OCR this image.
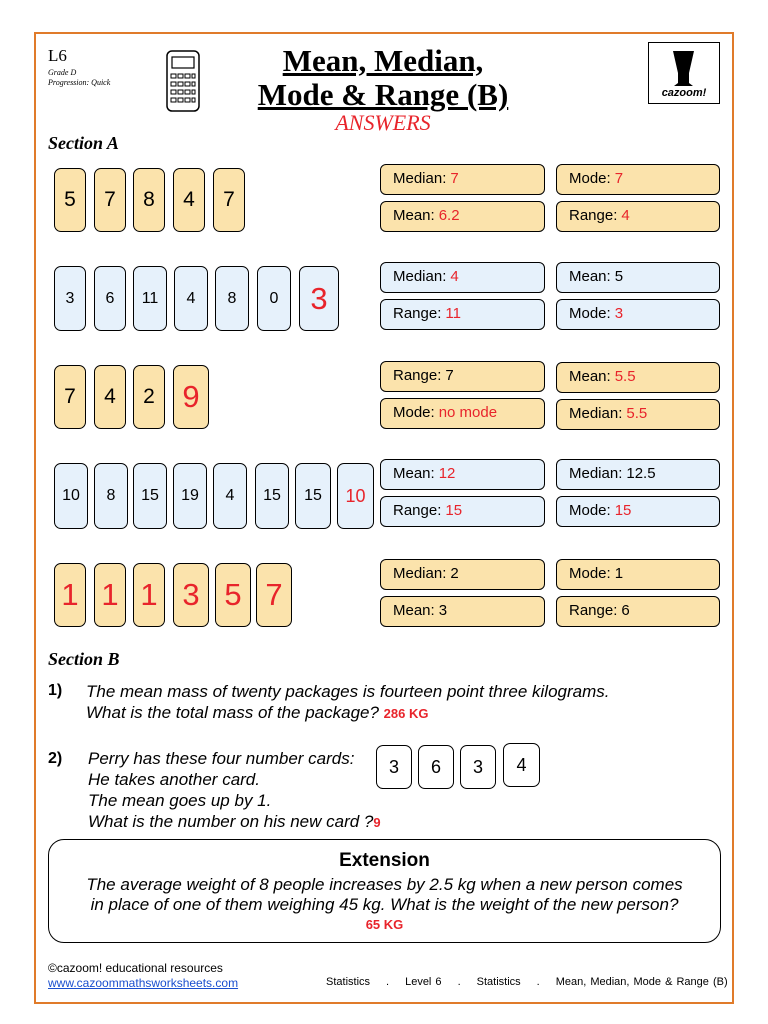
L6
Grade D
Progression: Quick
Mean, Median,
Mode & Range (B)
ANSWERS
cazoom!
Section A
5	7	8	4	7
Median: 7
Mean: 6.2
Mode: 7
Range: 4
3	6	11	4	8	0	3
Median: 4
Range: 11
Mean: 5
Mode: 3
7	4	2 9
Range: 7
Mode: no mode
Mean: 5.5
Median: 5.5
10	8	15	19	4	15	15	10
Mean: 12
Range: 15
Median: 12.5
Mode: 15
1 1 1 3 5 7
Median: 2
Mean: 3
Mode: 1
Range: 6
Section B
1) The mean mass of twenty packages is fourteen point three kilograms.
What is the total mass of the package? 286 KG
2) Perry has these four number cards:
He takes another card.
The mean goes up by 1.
What is the number on his new card ?9
3	6	3	4
Extension
The average weight of 8 people increases by 2.5 kg when a new person comes
in place of one of them weighing 45 kg. What is the weight of the new person?
65 KG
©cazoom! educational resources
www.cazoommathsworksheets.com	Statistics . Level 6 . Statistics . Mean, Median, Mode & Range (B)
